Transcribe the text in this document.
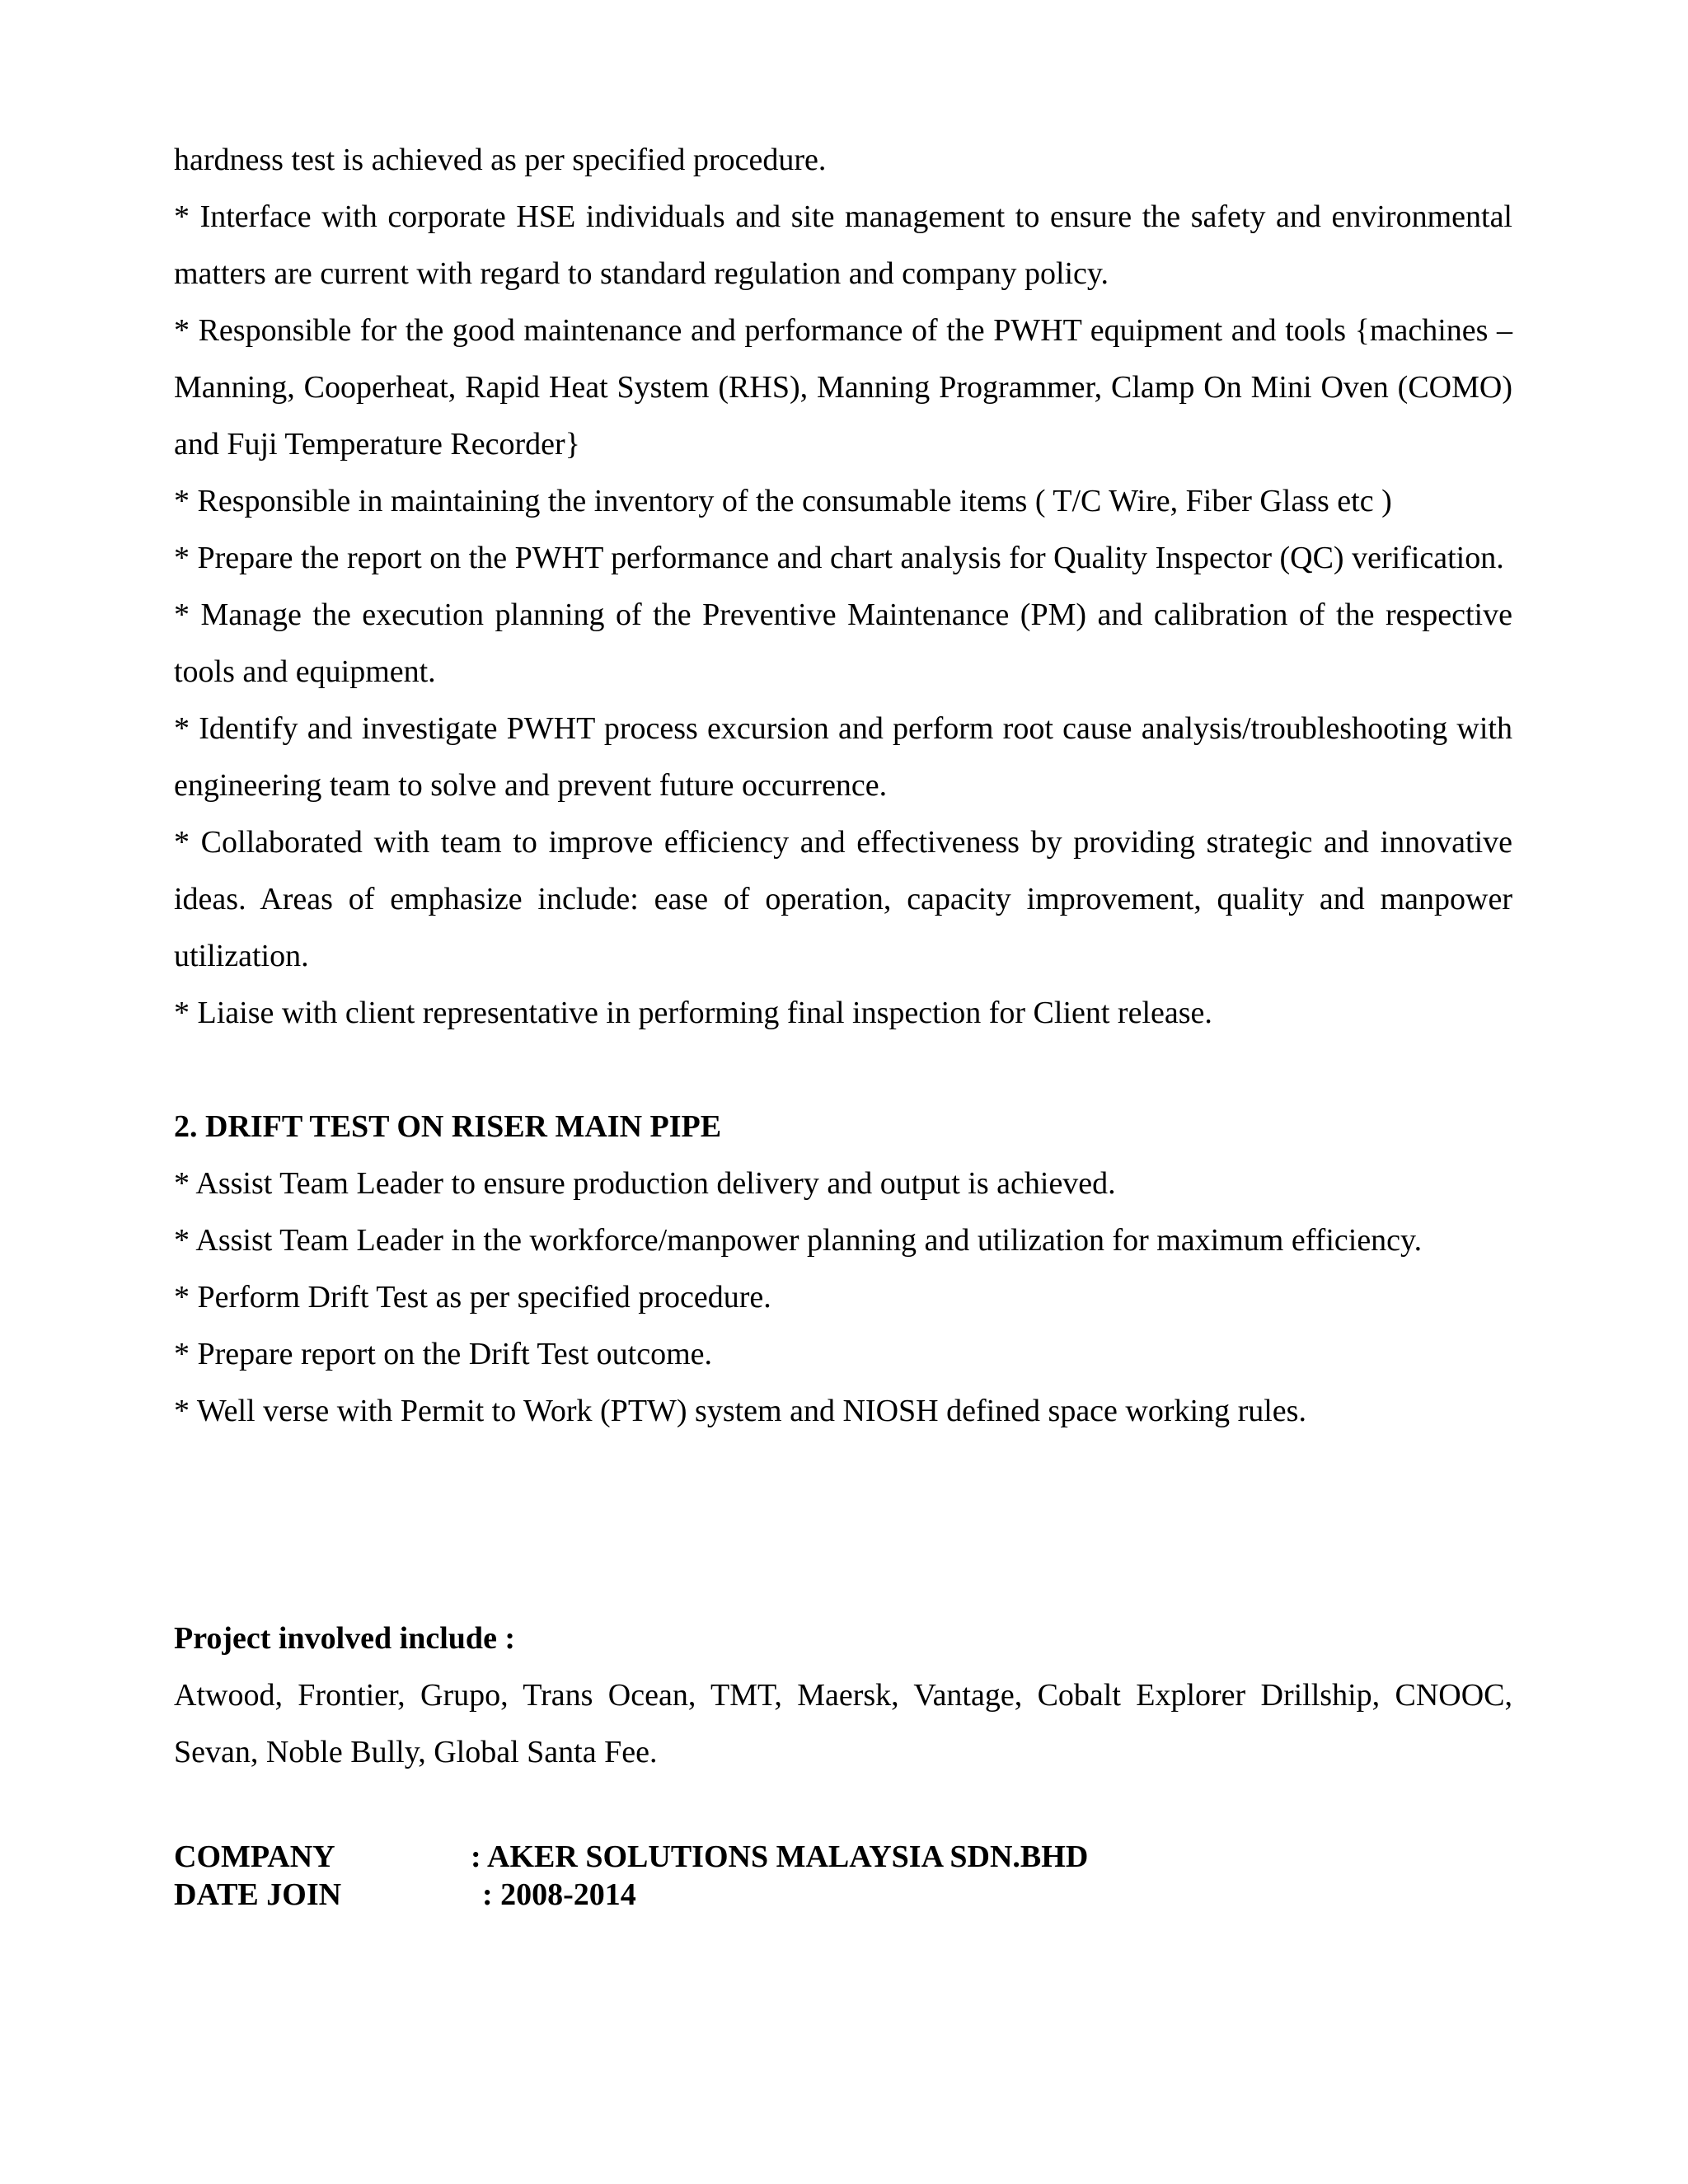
hardness test is achieved as per specified procedure.

* Interface with corporate HSE individuals and site management to ensure the safety and environmental matters are current with regard to standard regulation and company policy.

* Responsible for the good maintenance and performance of the PWHT equipment and tools {machines – Manning, Cooperheat, Rapid Heat System (RHS), Manning Programmer, Clamp On Mini Oven (COMO) and Fuji Temperature Recorder}

* Responsible in maintaining the inventory of the consumable items ( T/C Wire, Fiber Glass etc )

* Prepare the report on the PWHT performance and chart analysis for Quality Inspector (QC) verification.

* Manage the execution planning of the Preventive Maintenance (PM) and calibration of the respective tools and equipment.

* Identify and investigate PWHT process excursion and perform root cause analysis/troubleshooting with engineering team to solve and prevent future occurrence.

* Collaborated with team to improve efficiency and effectiveness by providing strategic and innovative ideas. Areas of emphasize include: ease of operation, capacity improvement, quality and manpower utilization.

* Liaise with client representative in performing final inspection for Client release.

2. DRIFT TEST ON RISER MAIN PIPE

* Assist Team Leader to ensure production delivery and output is achieved.

* Assist Team Leader in the workforce/manpower planning and utilization for maximum efficiency.

* Perform Drift Test as per specified procedure.

* Prepare report on the Drift Test outcome.

* Well verse with Permit to Work (PTW) system and NIOSH defined space working rules.

Project involved include :

Atwood, Frontier, Grupo, Trans Ocean, TMT, Maersk, Vantage, Cobalt Explorer Drillship, CNOOC, Sevan, Noble Bully, Global Santa Fee.

COMPANY	: AKER SOLUTIONS MALAYSIA SDN.BHD
DATE JOIN	: 2008-2014
